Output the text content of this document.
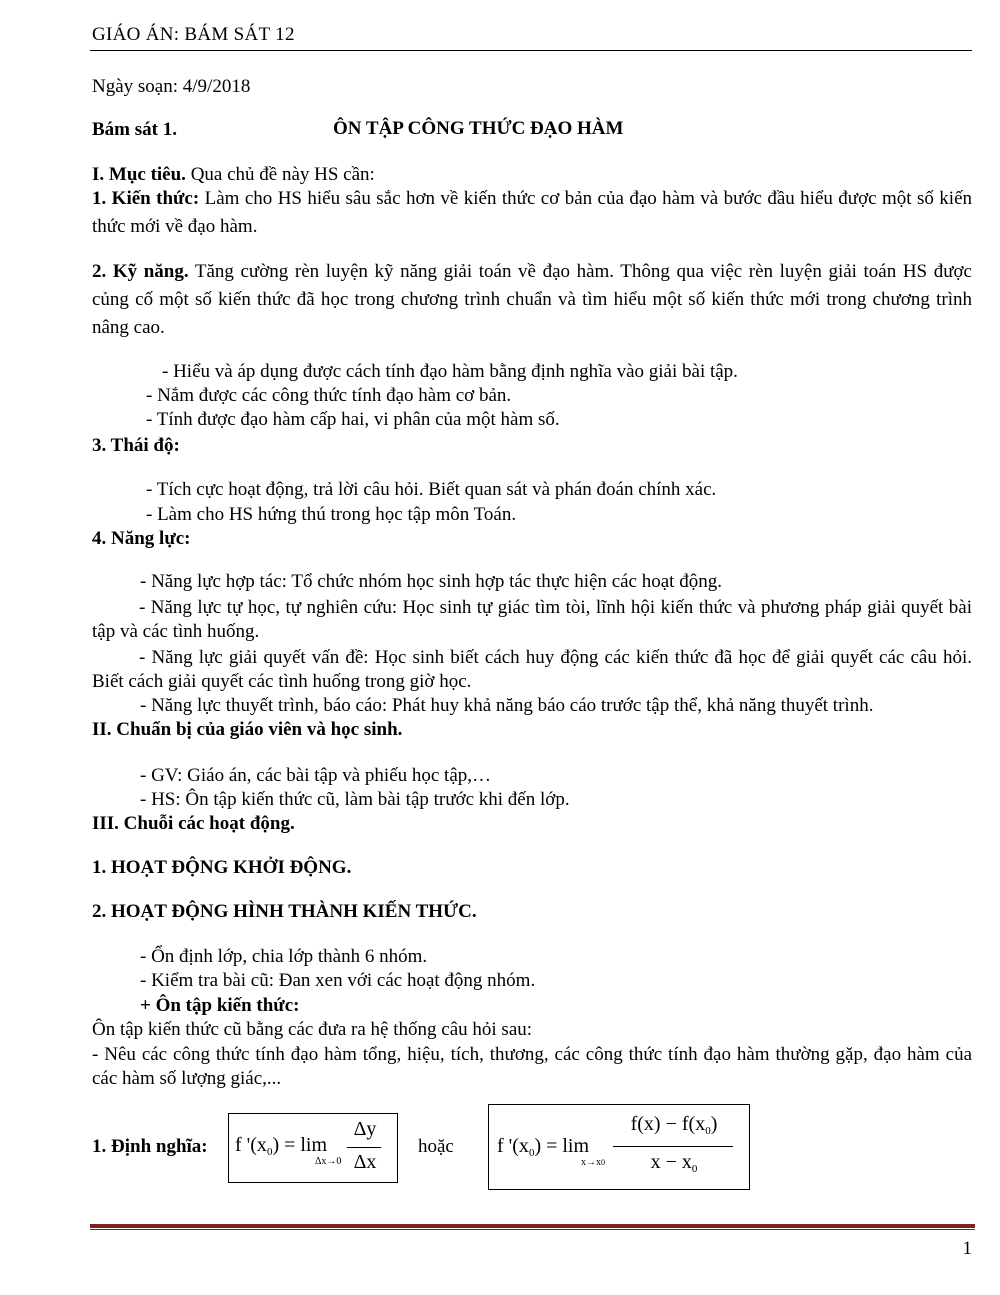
GIÁO ÁN: BÁM SÁT 12
Ngày soạn: 4/9/2018
Bám sát 1.	ÔN TẬP CÔNG THỨC ĐẠO HÀM
I. Mục tiêu. Qua chủ đề này HS cần:
1. Kiến thức: Làm cho HS hiểu sâu sắc hơn về kiến thức cơ bản của đạo hàm và bước đầu hiểu được một số kiến thức mới về đạo hàm.
2. Kỹ năng. Tăng cường rèn luyện kỹ năng giải toán về đạo hàm. Thông qua việc rèn luyện giải toán HS được củng cố một số kiến thức đã học trong chương trình chuẩn và tìm hiểu một số kiến thức mới trong chương trình nâng cao.
- Hiểu và áp dụng được cách tính đạo hàm bằng định nghĩa vào giải bài tập.
- Nắm được các công thức tính đạo hàm cơ bản.
- Tính được đạo hàm cấp hai, vi phân của một hàm số.
3. Thái độ:
- Tích cực hoạt động, trả lời câu hỏi. Biết quan sát và phán đoán chính xác.
- Làm cho HS hứng thú trong học tập môn Toán.
4. Năng lực:
- Năng lực hợp tác: Tổ chức nhóm học sinh hợp tác thực hiện các hoạt động.
- Năng lực tự học, tự nghiên cứu: Học sinh tự giác tìm tòi, lĩnh hội kiến thức và phương pháp giải quyết bài tập và các tình huống.
- Năng lực giải quyết vấn đề: Học sinh biết cách huy động các kiến thức đã học để giải quyết các câu hỏi. Biết cách giải quyết các tình huống trong giờ học.
- Năng lực thuyết trình, báo cáo: Phát huy khả năng báo cáo trước tập thể, khả năng thuyết trình.
II. Chuẩn bị của giáo viên và học sinh.
- GV: Giáo án, các bài tập và phiếu học tập,…
- HS: Ôn tập kiến thức cũ, làm bài tập trước khi đến lớp.
III. Chuỗi các hoạt động.
1. HOẠT ĐỘNG KHỞI ĐỘNG.
2. HOẠT ĐỘNG HÌNH THÀNH KIẾN THỨC.
- Ổn định lớp, chia lớp thành 6 nhóm.
- Kiểm tra bài cũ: Đan xen với các hoạt động nhóm.
+ Ôn tập kiến thức:
Ôn tập kiến thức cũ bằng các đưa ra hệ thống câu hỏi sau:
- Nêu các công thức tính đạo hàm tổng, hiệu, tích, thương, các công thức tính đạo hàm thường gặp, đạo hàm của các hàm số lượng giác,...
1. Định nghĩa: f '$(x_0) = \lim$
Δx→0
Δy
Δx
hoặc f '$(x_0) = \lim$
x→x0
$f(x) - f(x_0)$
$x - x_0$
1
